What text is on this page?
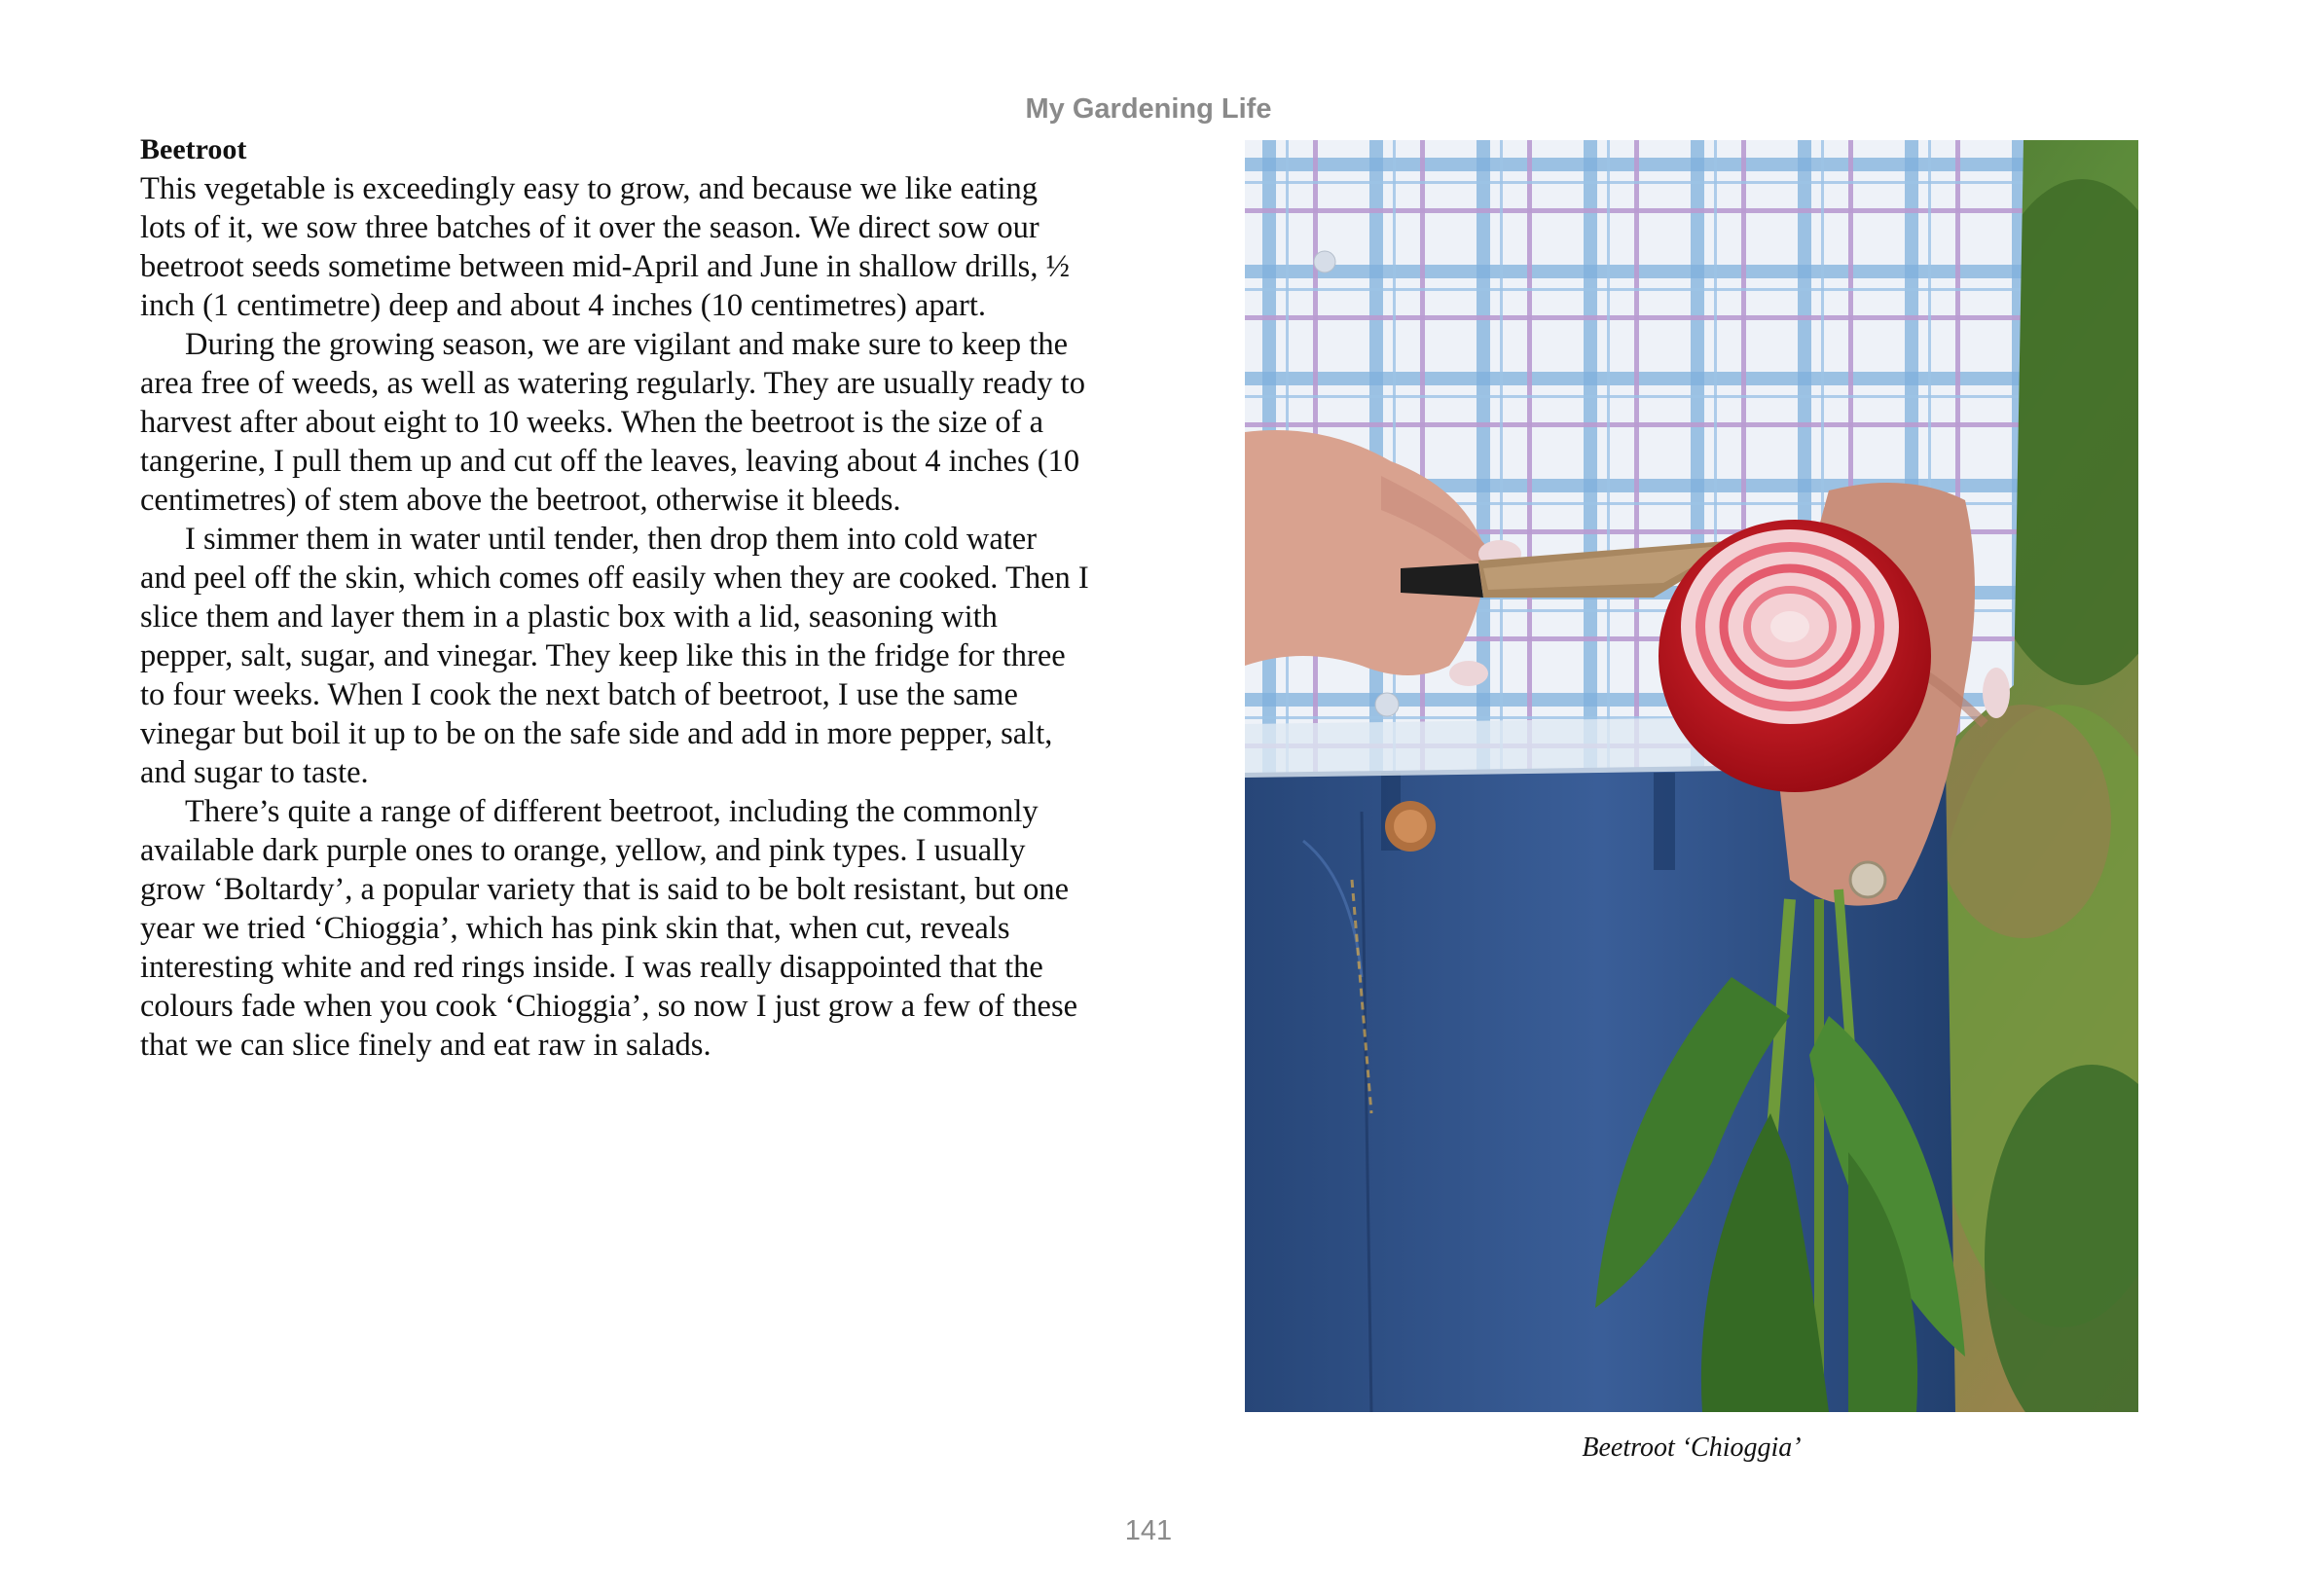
My Gardening Life
Beetroot

This vegetable is exceedingly easy to grow, and because we like eating lots of it, we sow three batches of it over the season. We direct sow our beetroot seeds sometime between mid-April and June in shallow drills, ½ inch (1 centimetre) deep and about 4 inches (10 centimetres) apart.

During the growing season, we are vigilant and make sure to keep the area free of weeds, as well as watering regularly. They are usually ready to harvest after about eight to 10 weeks. When the beetroot is the size of a tangerine, I pull them up and cut off the leaves, leaving about 4 inches (10 centimetres) of stem above the beetroot, otherwise it bleeds.

I simmer them in water until tender, then drop them into cold water and peel off the skin, which comes off easily when they are cooked. Then I slice them and layer them in a plastic box with a lid, seasoning with pepper, salt, sugar, and vinegar. They keep like this in the fridge for three to four weeks. When I cook the next batch of beetroot, I use the same vinegar but boil it up to be on the safe side and add in more pepper, salt, and sugar to taste.

There’s quite a range of different beetroot, including the commonly available dark purple ones to orange, yellow, and pink types. I usually grow ‘Boltardy’, a popular variety that is said to be bolt resistant, but one year we tried ‘Chioggia’, which has pink skin that, when cut, reveals interesting white and red rings inside. I was really disappointed that the colours fade when you cook ‘Chioggia’, so now I just grow a few of these that we can slice finely and eat raw in salads.

Beetroot ‘Chioggia’

141
